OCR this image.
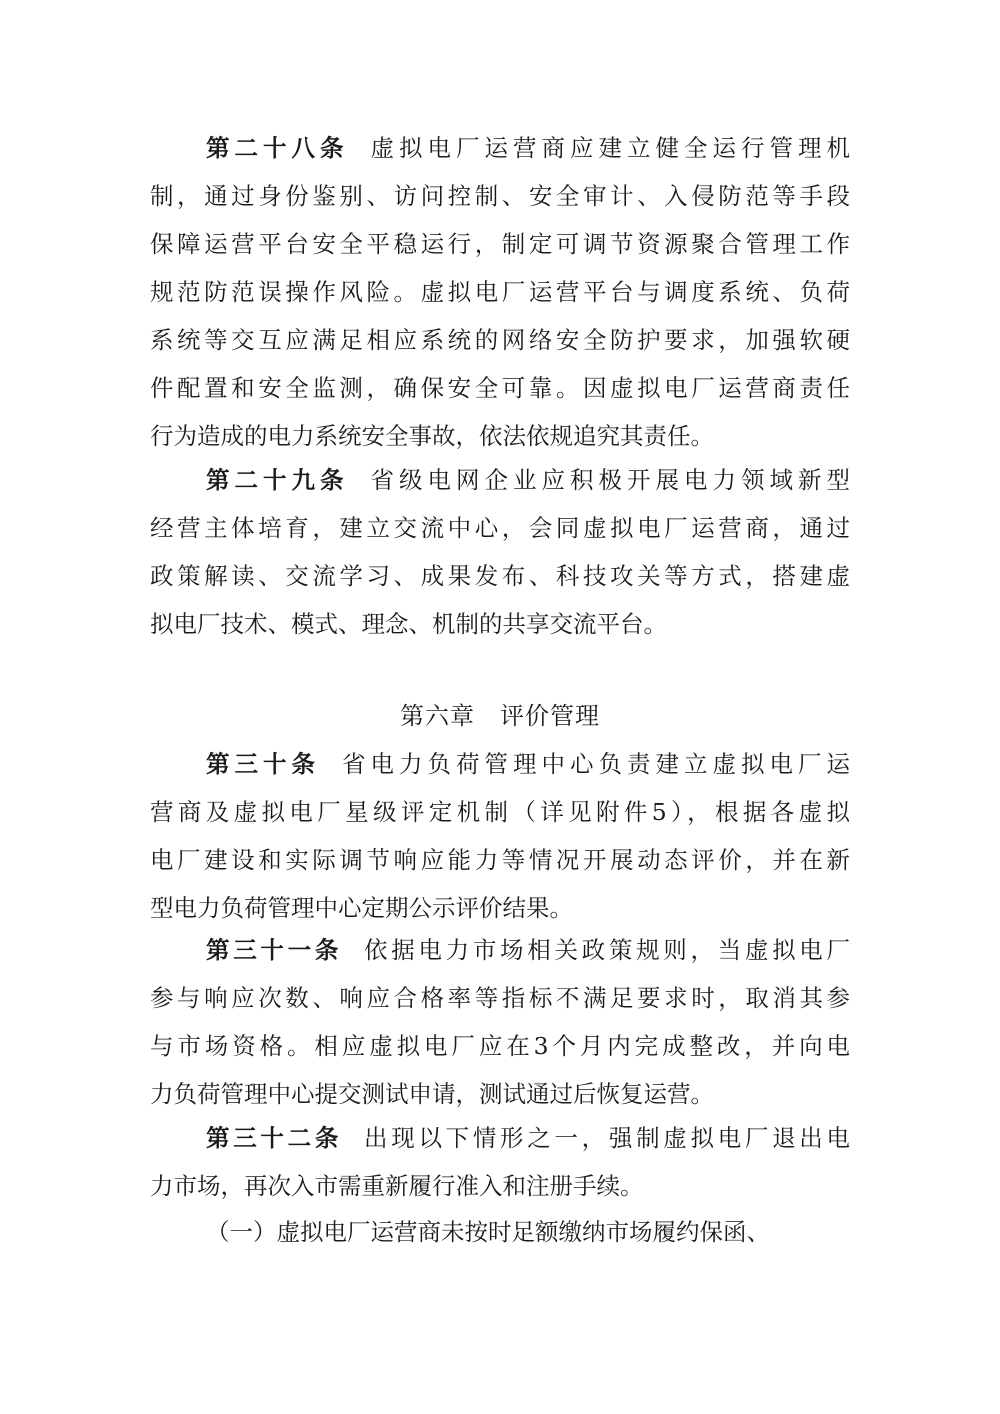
第二十八条 虚拟电厂运营商应建立健全运行管理机
制，通过身份鉴别、访问控制、安全审计、入侵防范等手段
保障运营平台安全平稳运行，制定可调节资源聚合管理工作
规范防范误操作风险。虚拟电厂运营平台与调度系统、负荷
系统等交互应满足相应系统的网络安全防护要求，加强软硬
件配置和安全监测，确保安全可靠。因虚拟电厂运营商责任
行为造成的电力系统安全事故，依法依规追究其责任。
第二十九条 省级电网企业应积极开展电力领域新型
经营主体培育，建立交流中心，会同虚拟电厂运营商，通过
政策解读、交流学习、成果发布、科技攻关等方式，搭建虚
拟电厂技术、模式、理念、机制的共享交流平台。
第六章　评价管理
第三十条 省电力负荷管理中心负责建立虚拟电厂运
营商及虚拟电厂星级评定机制（详见附件5），根据各虚拟
电厂建设和实际调节响应能力等情况开展动态评价，并在新
型电力负荷管理中心定期公示评价结果。
第三十一条 依据电力市场相关政策规则，当虚拟电厂
参与响应次数、响应合格率等指标不满足要求时，取消其参
与市场资格。相应虚拟电厂应在3个月内完成整改，并向电
力负荷管理中心提交测试申请，测试通过后恢复运营。
第三十二条 出现以下情形之一，强制虚拟电厂退出电
力市场，再次入市需重新履行准入和注册手续。
（一）虚拟电厂运营商未按时足额缴纳市场履约保函、
